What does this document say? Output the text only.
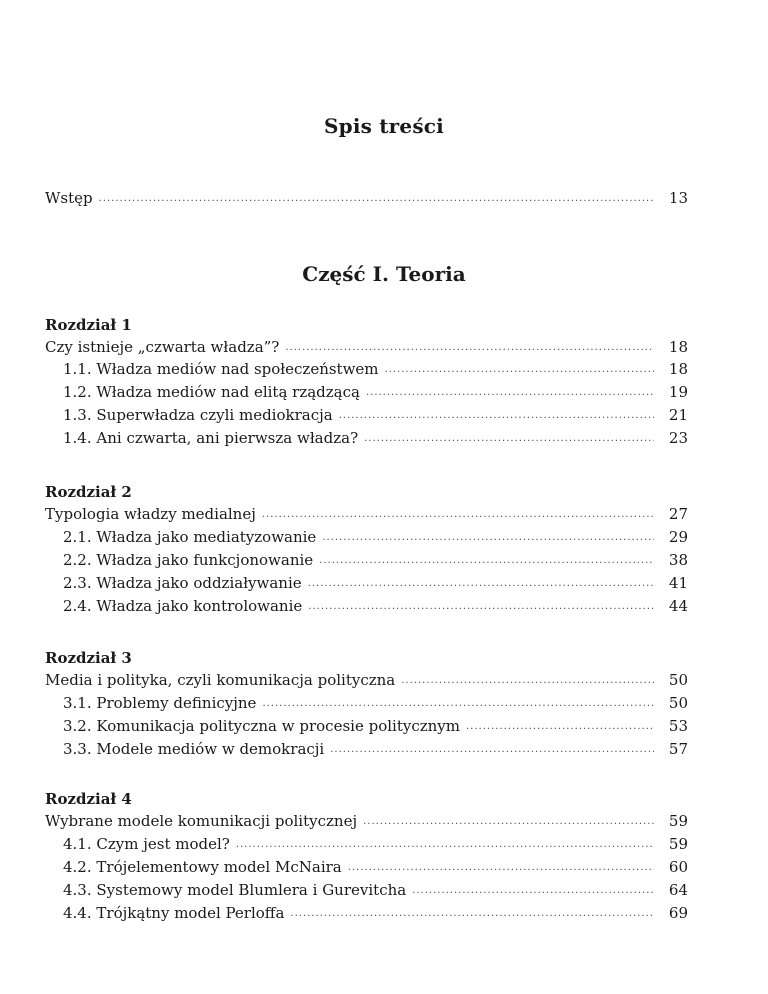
Spis treści
Wstęp .....	13
Część I. Teoria
Rozdział 1
Czy istnieje „czwarta władza”? .....	18
1.1. Władza mediów nad społeczeństwem .....	18
1.2. Władza mediów nad elitą rządzącą .....	19
1.3. Superwładza czyli mediokracja .....	21
1.4. Ani czwarta, ani pierwsza władza? .....	23
Rozdział 2
Typologia władzy medialnej .....	27
2.1. Władza jako mediatyzowanie .....	29
2.2. Władza jako funkcjonowanie .....	38
2.3. Władza jako oddziaływanie .....	41
2.4. Władza jako kontrolowanie .....	44
Rozdział 3
Media i polityka, czyli komunikacja polityczna .....	50
3.1. Problemy definicyjne .....	50
3.2. Komunikacja polityczna w procesie politycznym .....	53
3.3. Modele mediów w demokracji .....	57
Rozdział 4
Wybrane modele komunikacji politycznej .....	59
4.1. Czym jest model? .....	59
4.2. Trójelementowy model McNaira .....	60
4.3. Systemowy model Blumlera i Gurevitcha .....	64
4.4. Trójkątny model Perloffa .....	69
